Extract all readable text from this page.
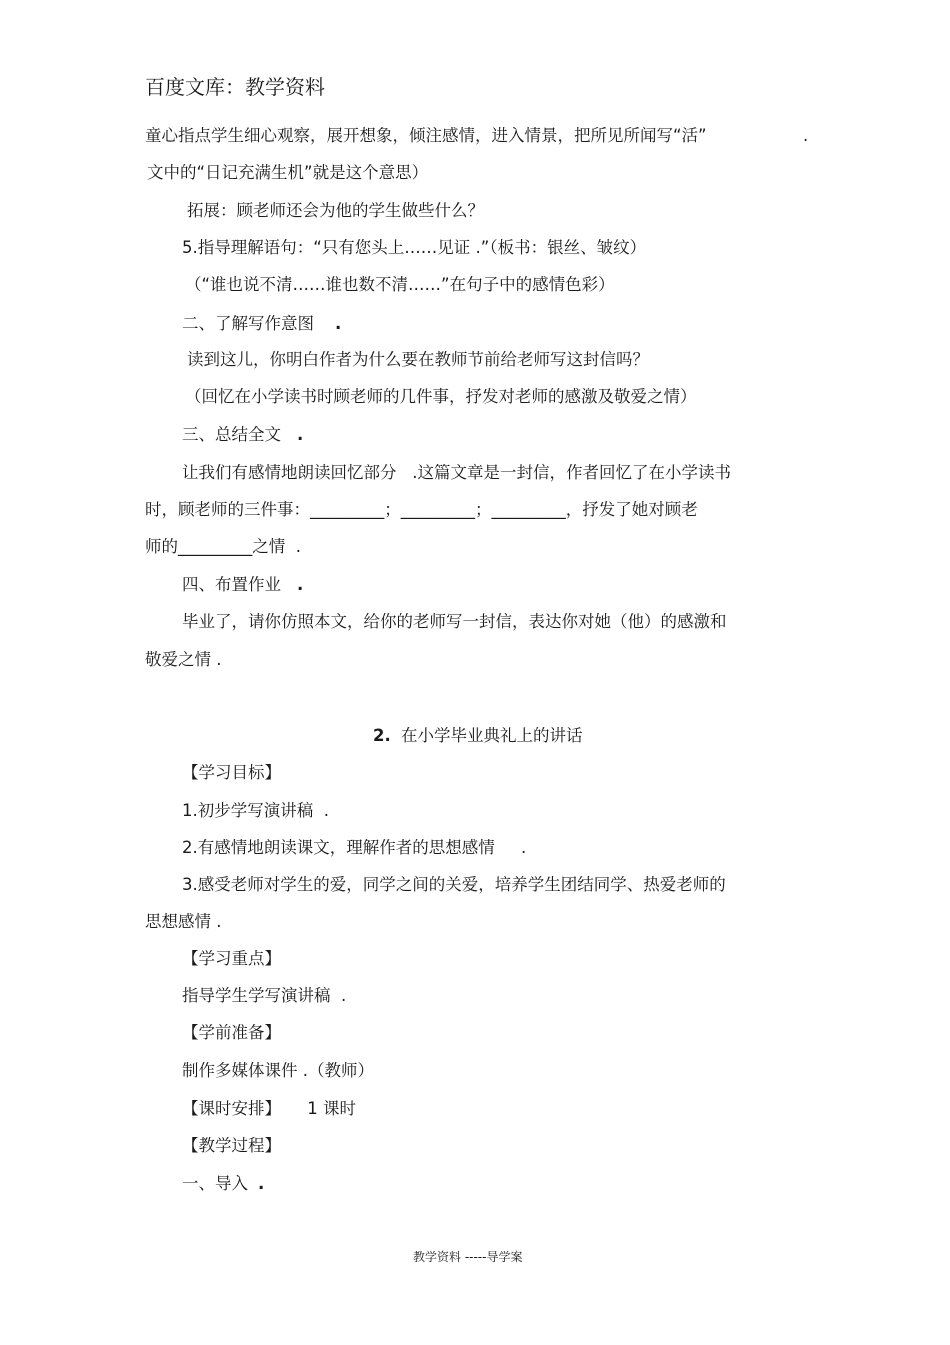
百度文库：教学资料
童心指点学生细心观察，展开想象，倾注感情，进入情景，把所见所闻写“活”	.
文中的“日记充满生机”就是这个意思）
拓展：顾老师还会为他的学生做些什么？
5.指导理解语句：“只有您头上……见证 .”（板书：银丝、皱纹）
（“谁也说不清……谁也数不清……”在句子中的感情色彩）
二、了解写作意图 .
读到这儿，你明白作者为什么要在教师节前给老师写这封信吗？
（回忆在小学读书时顾老师的几件事，抒发对老师的感激及敬爱之情）
三、总结全文 .
让我们有感情地朗读回忆部分   .这篇文章是一封信，作者回忆了在小学读书
时，顾老师的三件事：_________；_________；_________，抒发了她对顾老
师的_________之情  .
四、布置作业 .
毕业了，请你仿照本文，给你的老师写一封信，表达你对她（他）的感激和
敬爱之情 .
2. 在小学毕业典礼上的讲话
【学习目标】
1.初步学写演讲稿  .
2.有感情地朗读课文，理解作者的思想感情     .
3.感受老师对学生的爱，同学之间的关爱，培养学生团结同学、热爱老师的
思想感情 .
【学习重点】
指导学生学写演讲稿  .
【学前准备】
制作多媒体课件 .（教师）
【课时安排】     1 课时
【教学过程】
一、导入 .
教学资料 -----导学案
